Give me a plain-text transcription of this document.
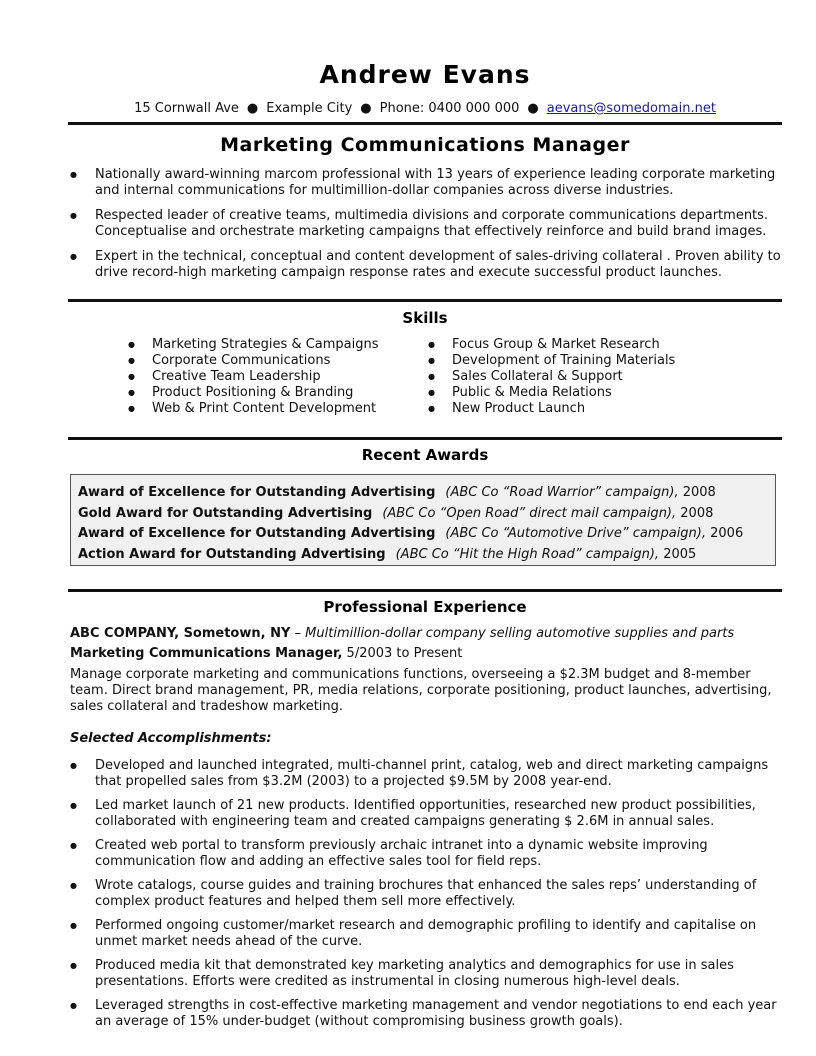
Andrew Evans
15 Cornwall Ave ● Example City ● Phone: 0400 000 000 ● aevans@somedomain.net
Marketing Communications Manager
● Nationally award-winning marcom professional with 13 years of experience leading corporate marketing and internal communications for multimillion-dollar companies across diverse industries.
● Respected leader of creative teams, multimedia divisions and corporate communications departments. Conceptualise and orchestrate marketing campaigns that effectively reinforce and build brand images.
● Expert in the technical, conceptual and content development of sales-driving collateral . Proven ability to drive record-high marketing campaign response rates and execute successful product launches.
Skills
● Marketing Strategies & Campaigns
● Corporate Communications
● Creative Team Leadership
● Product Positioning & Branding
● Web & Print Content Development
● Focus Group & Market Research
● Development of Training Materials
● Sales Collateral & Support
● Public & Media Relations
● New Product Launch
Recent Awards
Award of Excellence for Outstanding Advertising (ABC Co “Road Warrior” campaign), 2008
Gold Award for Outstanding Advertising (ABC Co “Open Road” direct mail campaign), 2008
Award of Excellence for Outstanding Advertising (ABC Co “Automotive Drive” campaign), 2006
Action Award for Outstanding Advertising (ABC Co “Hit the High Road” campaign), 2005
Professional Experience
ABC COMPANY, Sometown, NY – Multimillion-dollar company selling automotive supplies and parts
Marketing Communications Manager, 5/2003 to Present
Manage corporate marketing and communications functions, overseeing a $2.3M budget and 8-member team. Direct brand management, PR, media relations, corporate positioning, product launches, advertising, sales collateral and tradeshow marketing.
Selected Accomplishments:
● Developed and launched integrated, multi-channel print, catalog, web and direct marketing campaigns that propelled sales from $3.2M (2003) to a projected $9.5M by 2008 year-end.
● Led market launch of 21 new products. Identified opportunities, researched new product possibilities, collaborated with engineering team and created campaigns generating $ 2.6M in annual sales.
● Created web portal to transform previously archaic intranet into a dynamic website improving communication flow and adding an effective sales tool for field reps.
● Wrote catalogs, course guides and training brochures that enhanced the sales reps’ understanding of complex product features and helped them sell more effectively.
● Performed ongoing customer/market research and demographic profiling to identify and capitalise on unmet market needs ahead of the curve.
● Produced media kit that demonstrated key marketing analytics and demographics for use in sales presentations. Efforts were credited as instrumental in closing numerous high-level deals.
● Leveraged strengths in cost-effective marketing management and vendor negotiations to end each year an average of 15% under-budget (without compromising business growth goals).
